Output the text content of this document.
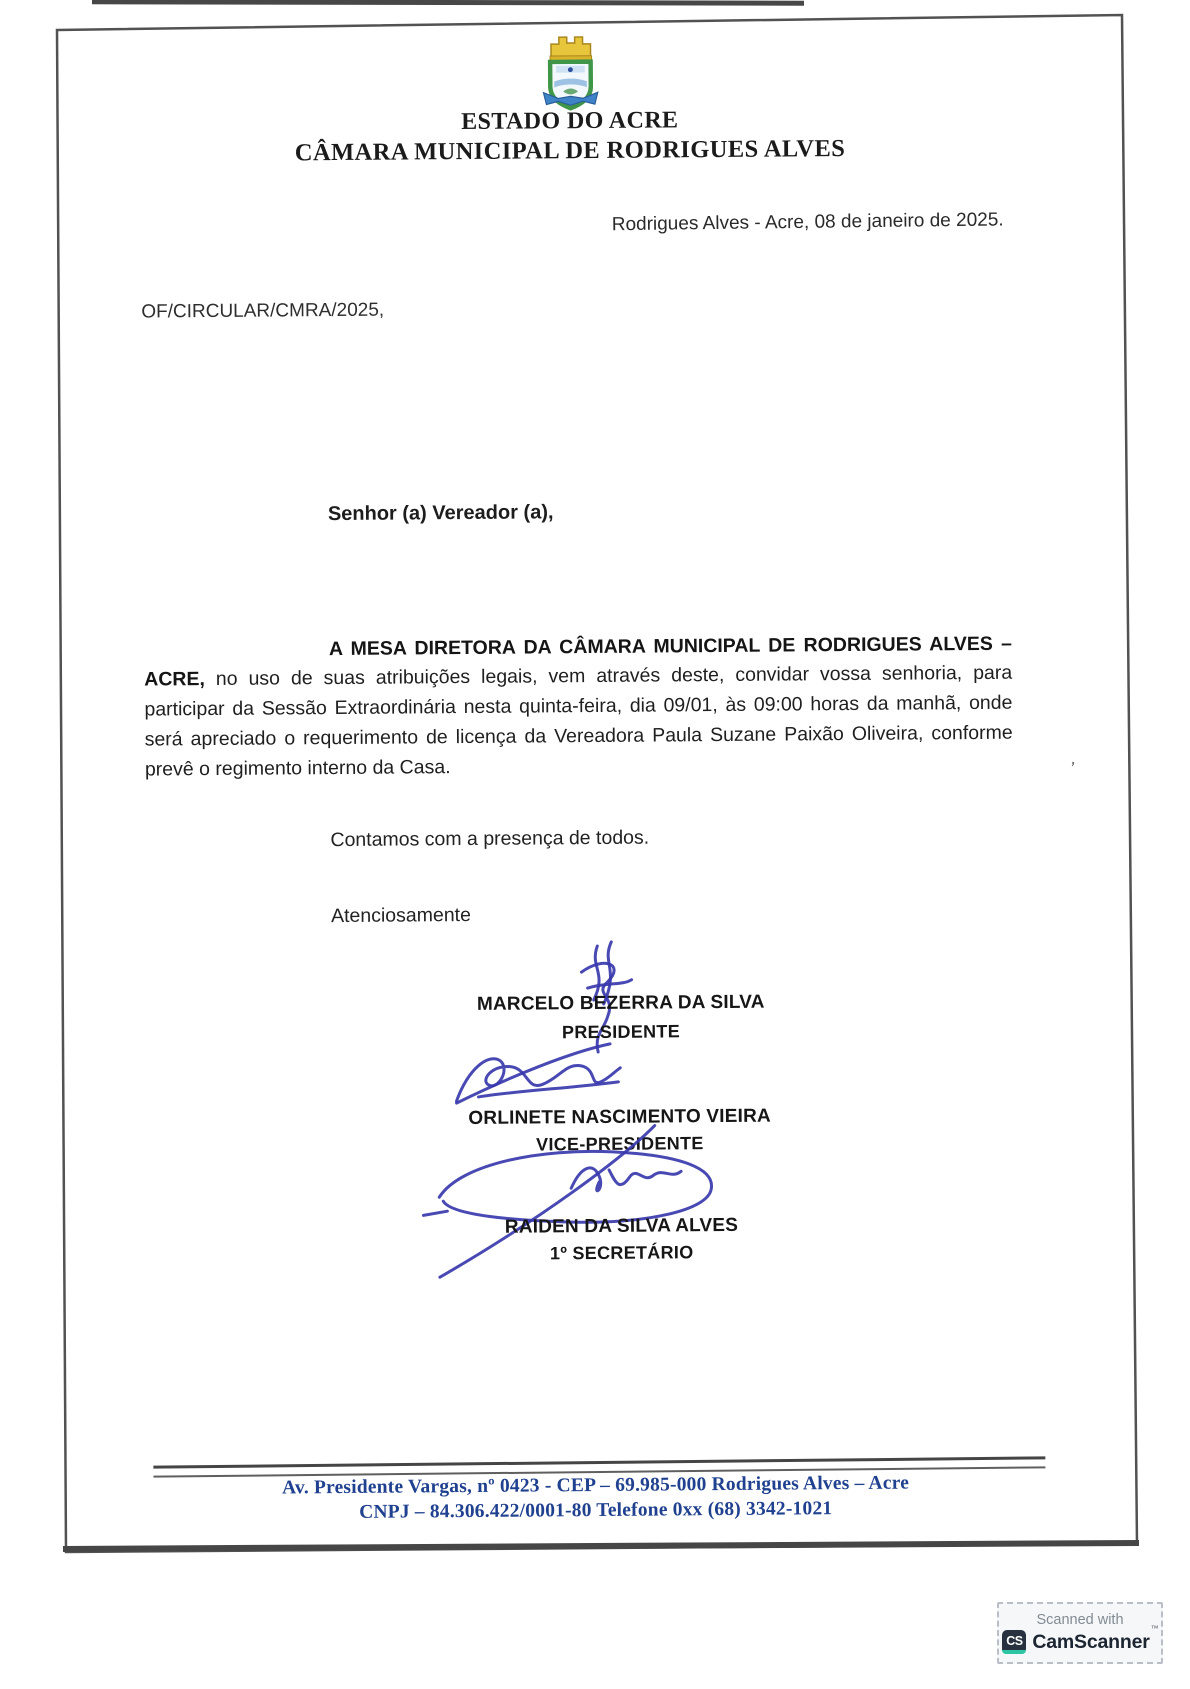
ESTADO DO ACRE
CÂMARA MUNICIPAL DE RODRIGUES ALVES
Rodrigues Alves - Acre, 08 de janeiro de 2025.
OF/CIRCULAR/CMRA/2025,
Senhor (a) Vereador (a),

A MESA DIRETORA DA CÂMARA MUNICIPAL DE RODRIGUES ALVES – ACRE, no uso de suas atribuições legais, vem através deste, convidar vossa senhoria, para participar da Sessão Extraordinária nesta quinta-feira, dia 09/01, às 09:00 horas da manhã, onde será apreciado o requerimento de licença da Vereadora Paula Suzane Paixão Oliveira, conforme prevê o regimento interno da Casa.

Contamos com a presença de todos.
Atenciosamente
MARCELO BEZERRA DA SILVA
PRESIDENTE
ORLINETE NASCIMENTO VIEIRA
VICE-PRESIDENTE
RAIDEN DA SILVA ALVES
1º SECRETÁRIO
’
Av. Presidente Vargas, nº 0423 - CEP – 69.985-000 Rodrigues Alves – Acre
CNPJ – 84.306.422/0001-80 Telefone 0xx (68) 3342-1021
Scanned with
CS CamScanner™
